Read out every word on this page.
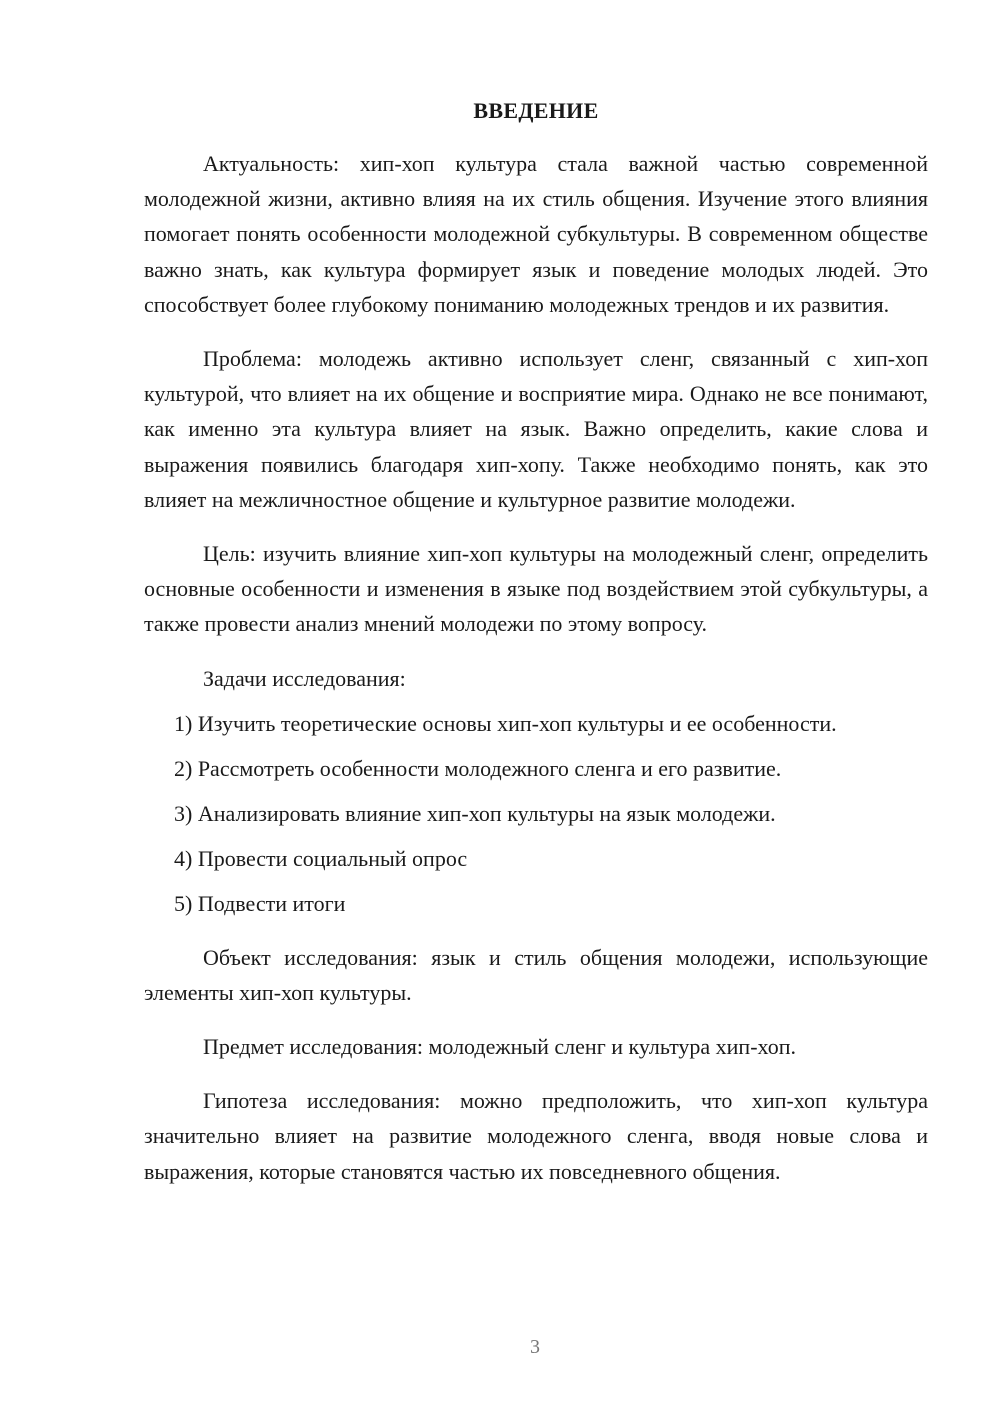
ВВЕДЕНИЕ

Актуальность: хип-хоп культура стала важной частью современной молодежной жизни, активно влияя на их стиль общения. Изучение этого влияния помогает понять особенности молодежной субкультуры. В современном обществе важно знать, как культура формирует язык и поведение молодых людей. Это способствует более глубокому пониманию молодежных трендов и их развития.

Проблема: молодежь активно использует сленг, связанный с хип-хоп культурой, что влияет на их общение и восприятие мира. Однако не все понимают, как именно эта культура влияет на язык. Важно определить, какие слова и выражения появились благодаря хип-хопу. Также необходимо понять, как это влияет на межличностное общение и культурное развитие молодежи.

Цель: изучить влияние хип-хоп культуры на молодежный сленг, определить основные особенности и изменения в языке под воздействием этой субкультуры, а также провести анализ мнений молодежи по этому вопросу.

Задачи исследования:
1) Изучить теоретические основы хип-хоп культуры и ее особенности.
2) Рассмотреть особенности молодежного сленга и его развитие.
3) Анализировать влияние хип-хоп культуры на язык молодежи.
4) Провести социальный опрос
5) Подвести итоги

Объект исследования: язык и стиль общения молодежи, использующие элементы хип-хоп культуры.

Предмет исследования: молодежный сленг и культура хип-хоп.

Гипотеза исследования: можно предположить, что хип-хоп культура значительно влияет на развитие молодежного сленга, вводя новые слова и выражения, которые становятся частью их повседневного общения.

3
